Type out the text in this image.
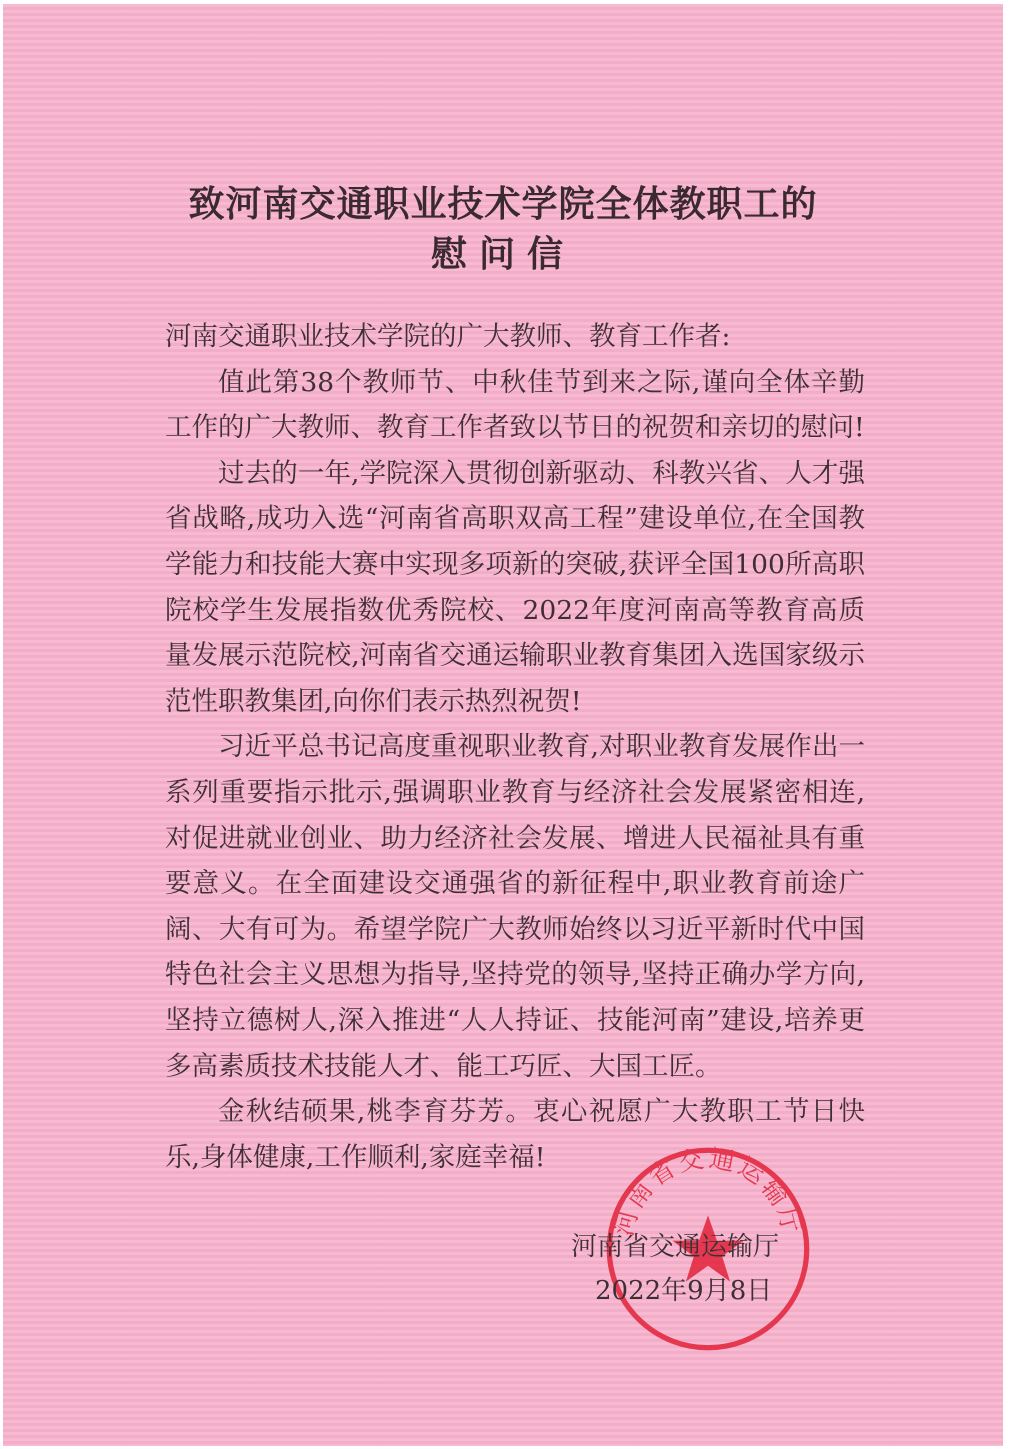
致河南交通职业技术学院全体教职工的
慰问信

河南交通职业技术学院的广大教师、教育工作者:

值此第38个教师节、中秋佳节到来之际,谨向全体辛勤工作的广大教师、教育工作者致以节日的祝贺和亲切的慰问!

过去的一年,学院深入贯彻创新驱动、科教兴省、人才强省战略,成功入选“河南省高职双高工程”建设单位,在全国教学能力和技能大赛中实现多项新的突破,获评全国100所高职院校学生发展指数优秀院校、2022年度河南高等教育高质量发展示范院校,河南省交通运输职业教育集团入选国家级示范性职教集团,向你们表示热烈祝贺!

习近平总书记高度重视职业教育,对职业教育发展作出一系列重要指示批示,强调职业教育与经济社会发展紧密相连,对促进就业创业、助力经济社会发展、增进人民福祉具有重要意义。在全面建设交通强省的新征程中,职业教育前途广阔、大有可为。希望学院广大教师始终以习近平新时代中国特色社会主义思想为指导,坚持党的领导,坚持正确办学方向,坚持立德树人,深入推进“人人持证、技能河南”建设,培养更多高素质技术技能人才、能工巧匠、大国工匠。

金秋结硕果,桃李育芬芳。衷心祝愿广大教职工节日快乐,身体健康,工作顺利,家庭幸福!

河南省交通运输厅
河南省交通运输厅
2022年9月8日
